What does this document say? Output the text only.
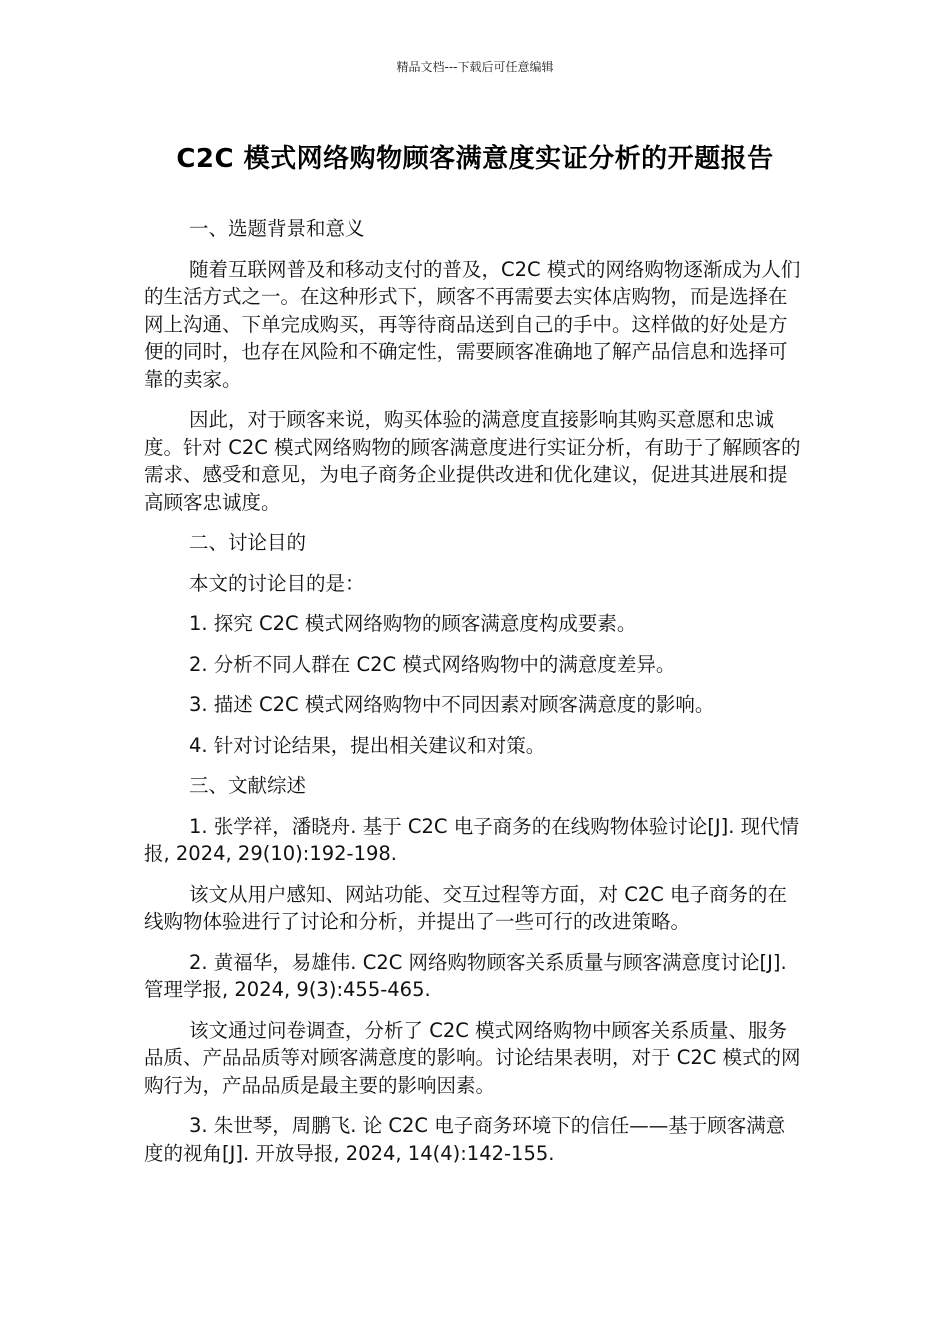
精品文档---下载后可任意编辑
C2C 模式网络购物顾客满意度实证分析的开题报告

一、选题背景和意义

随着互联网普及和移动支付的普及，C2C 模式的网络购物逐渐成为人们的生活方式之一。在这种形式下，顾客不再需要去实体店购物，而是选择在网上沟通、下单完成购买，再等待商品送到自己的手中。这样做的好处是方便的同时，也存在风险和不确定性，需要顾客准确地了解产品信息和选择可靠的卖家。

因此，对于顾客来说，购买体验的满意度直接影响其购买意愿和忠诚度。针对 C2C 模式网络购物的顾客满意度进行实证分析，有助于了解顾客的需求、感受和意见，为电子商务企业提供改进和优化建议，促进其进展和提高顾客忠诚度。

二、讨论目的

本文的讨论目的是：

1. 探究 C2C 模式网络购物的顾客满意度构成要素。

2. 分析不同人群在 C2C 模式网络购物中的满意度差异。

3. 描述 C2C 模式网络购物中不同因素对顾客满意度的影响。

4. 针对讨论结果，提出相关建议和对策。

三、文献综述

1. 张学祥，潘晓舟. 基于 C2C 电子商务的在线购物体验讨论[J]. 现代情报, 2024, 29(10):192-198.

该文从用户感知、网站功能、交互过程等方面，对 C2C 电子商务的在线购物体验进行了讨论和分析，并提出了一些可行的改进策略。

2. 黄福华，易雄伟. C2C 网络购物顾客关系质量与顾客满意度讨论[J]. 管理学报, 2024, 9(3):455-465.

该文通过问卷调查，分析了 C2C 模式网络购物中顾客关系质量、服务品质、产品品质等对顾客满意度的影响。讨论结果表明，对于 C2C 模式的网购行为，产品品质是最主要的影响因素。

3. 朱世琴，周鹏飞. 论 C2C 电子商务环境下的信任——基于顾客满意度的视角[J]. 开放导报, 2024, 14(4):142-155.
